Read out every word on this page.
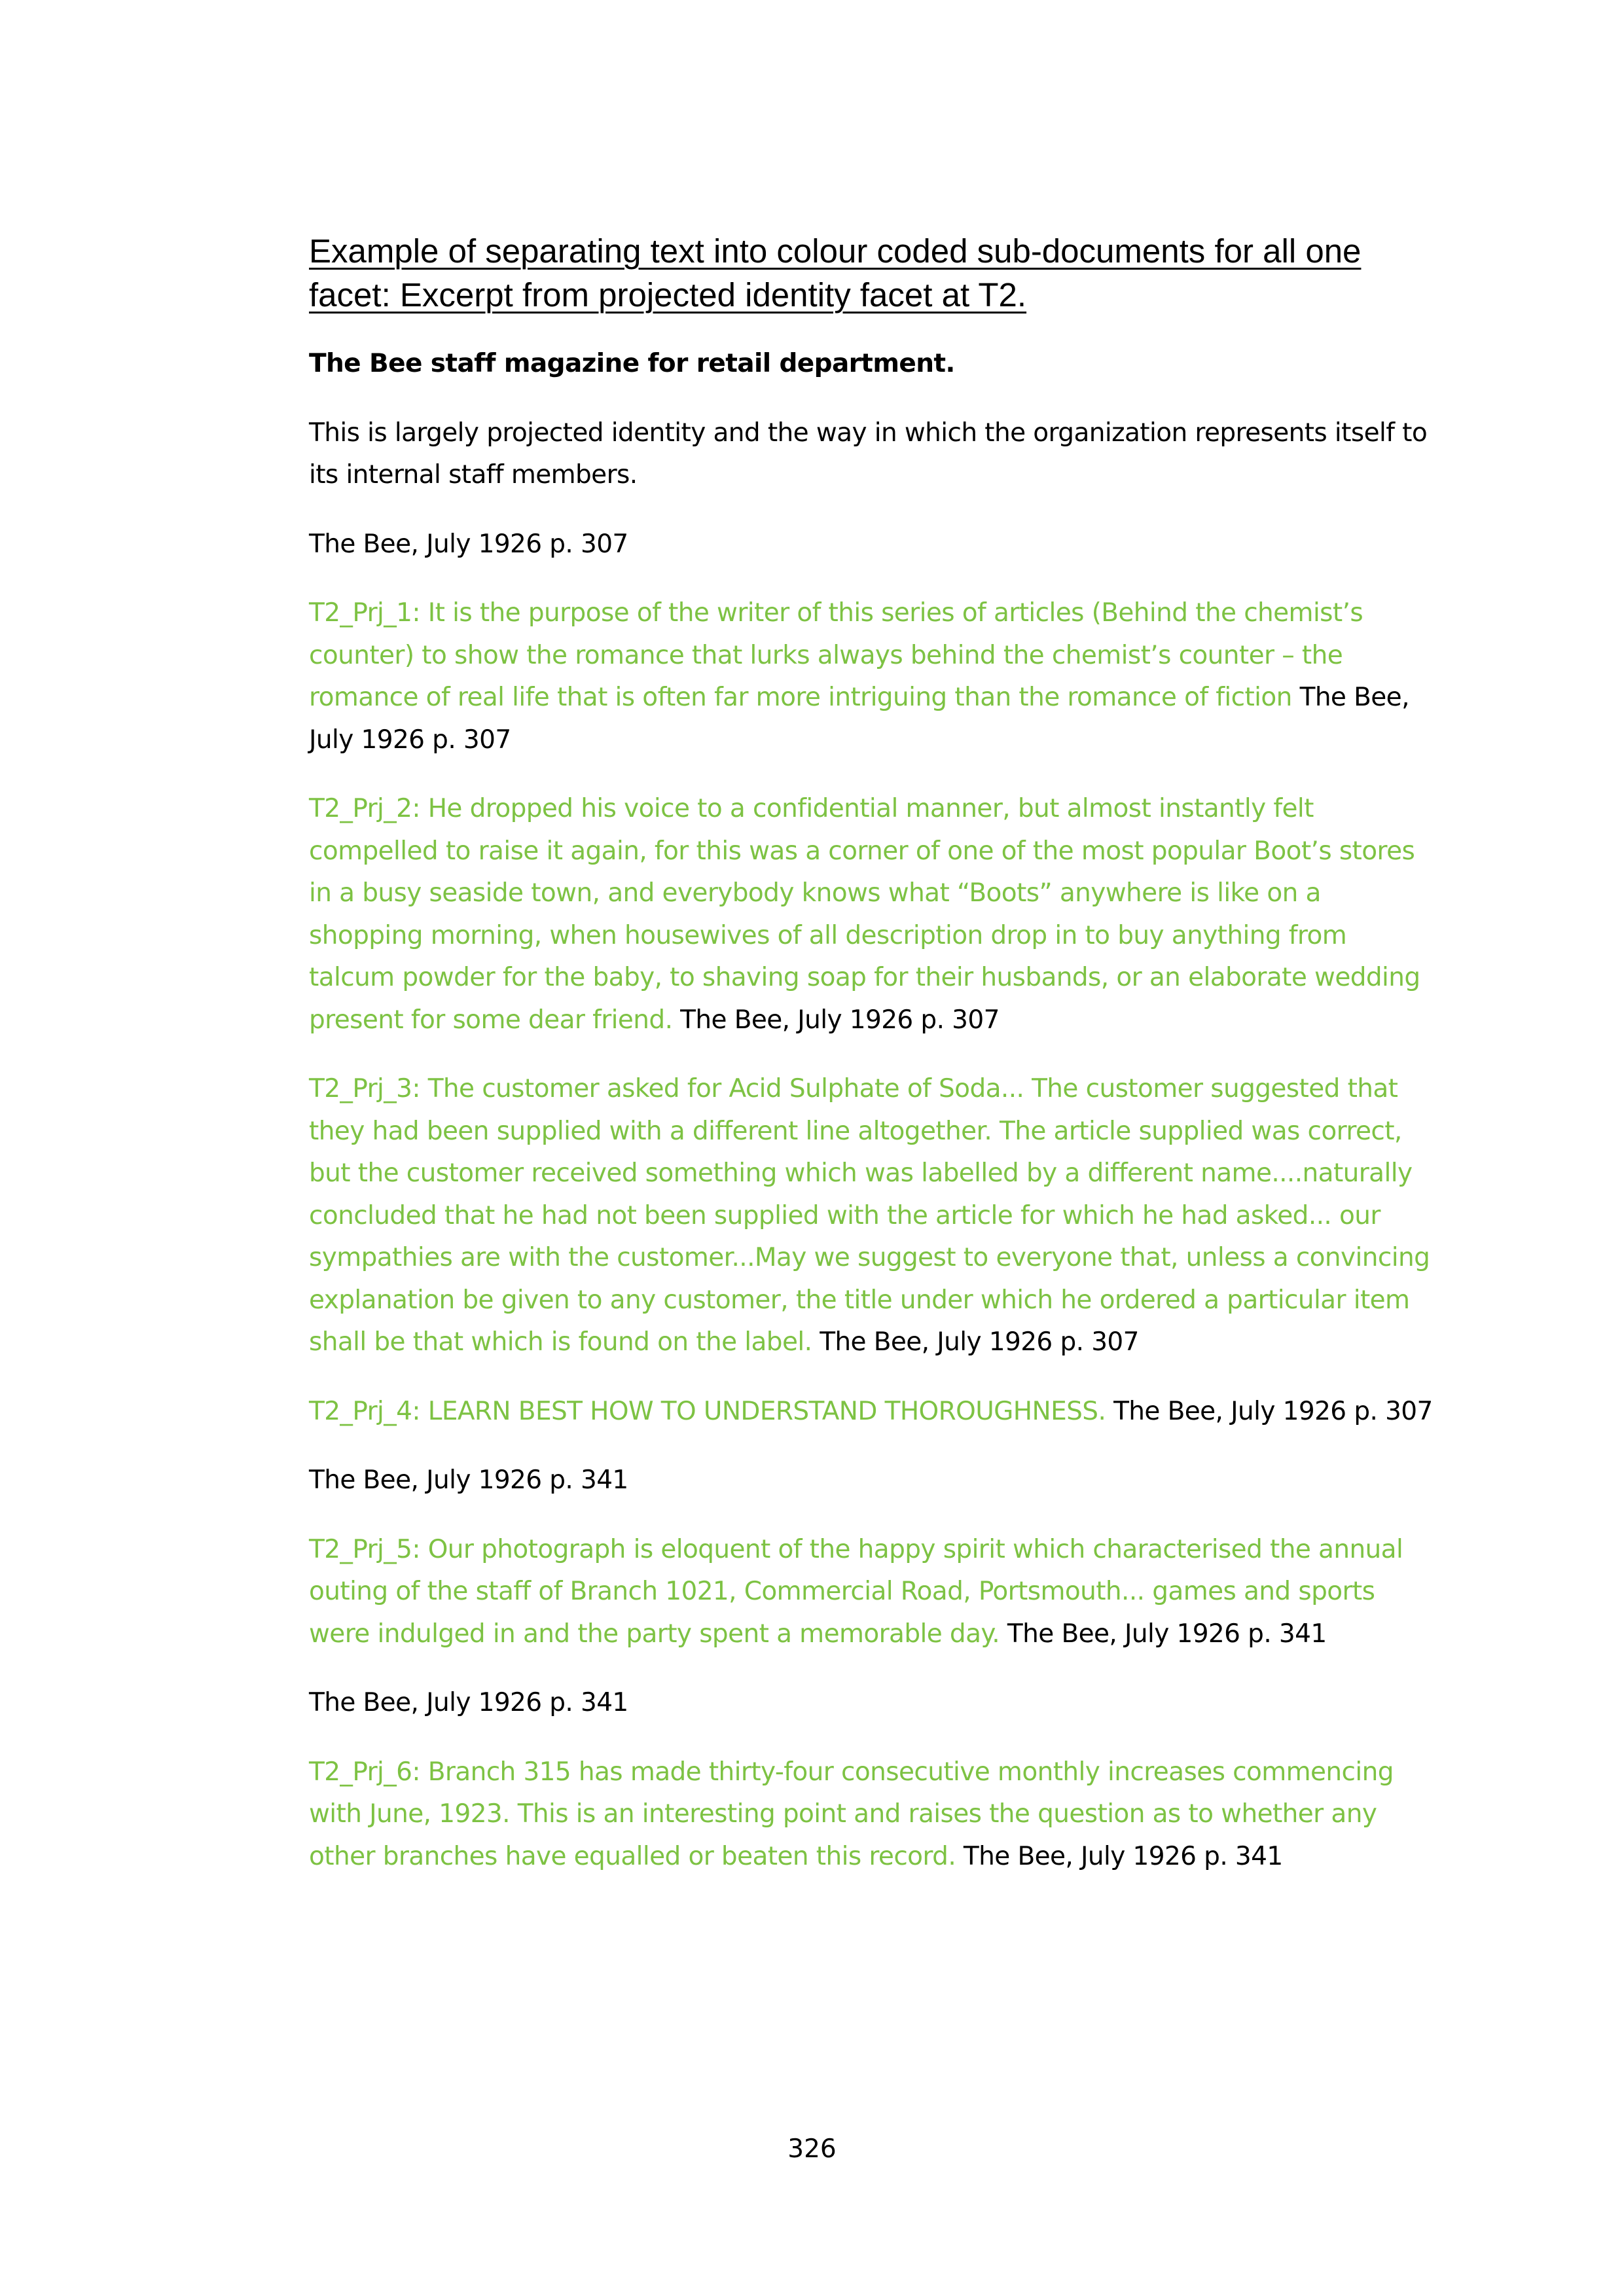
Example of separating text into colour coded sub-documents for all one facet: Excerpt from projected identity facet at T2.

The Bee staff magazine for retail department.

This is largely projected identity and the way in which the organization represents itself to its internal staff members.

The Bee, July 1926 p. 307

T2_Prj_1: It is the purpose of the writer of this series of articles (Behind the chemist’s counter) to show the romance that lurks always behind the chemist’s counter – the romance of real life that is often far more intriguing than the romance of fiction The Bee, July 1926 p. 307

T2_Prj_2: He dropped his voice to a confidential manner, but almost instantly felt compelled to raise it again, for this was a corner of one of the most popular Boot’s stores in a busy seaside town, and everybody knows what “Boots” anywhere is like on a shopping morning, when housewives of all description drop in to buy anything from talcum powder for the baby, to shaving soap for their husbands, or an elaborate wedding present for some dear friend. The Bee, July 1926 p. 307

T2_Prj_3: The customer asked for Acid Sulphate of Soda... The customer suggested that they had been supplied with a different line altogether. The article supplied was correct, but the customer received something which was labelled by a different name....naturally concluded that he had not been supplied with the article for which he had asked... our sympathies are with the customer...May we suggest to everyone that, unless a convincing explanation be given to any customer, the title under which he ordered a particular item shall be that which is found on the label. The Bee, July 1926 p. 307

T2_Prj_4: LEARN BEST HOW TO UNDERSTAND THOROUGHNESS. The Bee, July 1926 p. 307

The Bee, July 1926 p. 341

T2_Prj_5: Our photograph is eloquent of the happy spirit which characterised the annual outing of the staff of Branch 1021, Commercial Road, Portsmouth... games and sports were indulged in and the party spent a memorable day. The Bee, July 1926 p. 341

The Bee, July 1926 p. 341

T2_Prj_6: Branch 315 has made thirty-four consecutive monthly increases commencing with June, 1923. This is an interesting point and raises the question as to whether any other branches have equalled or beaten this record. The Bee, July 1926 p. 341

326
